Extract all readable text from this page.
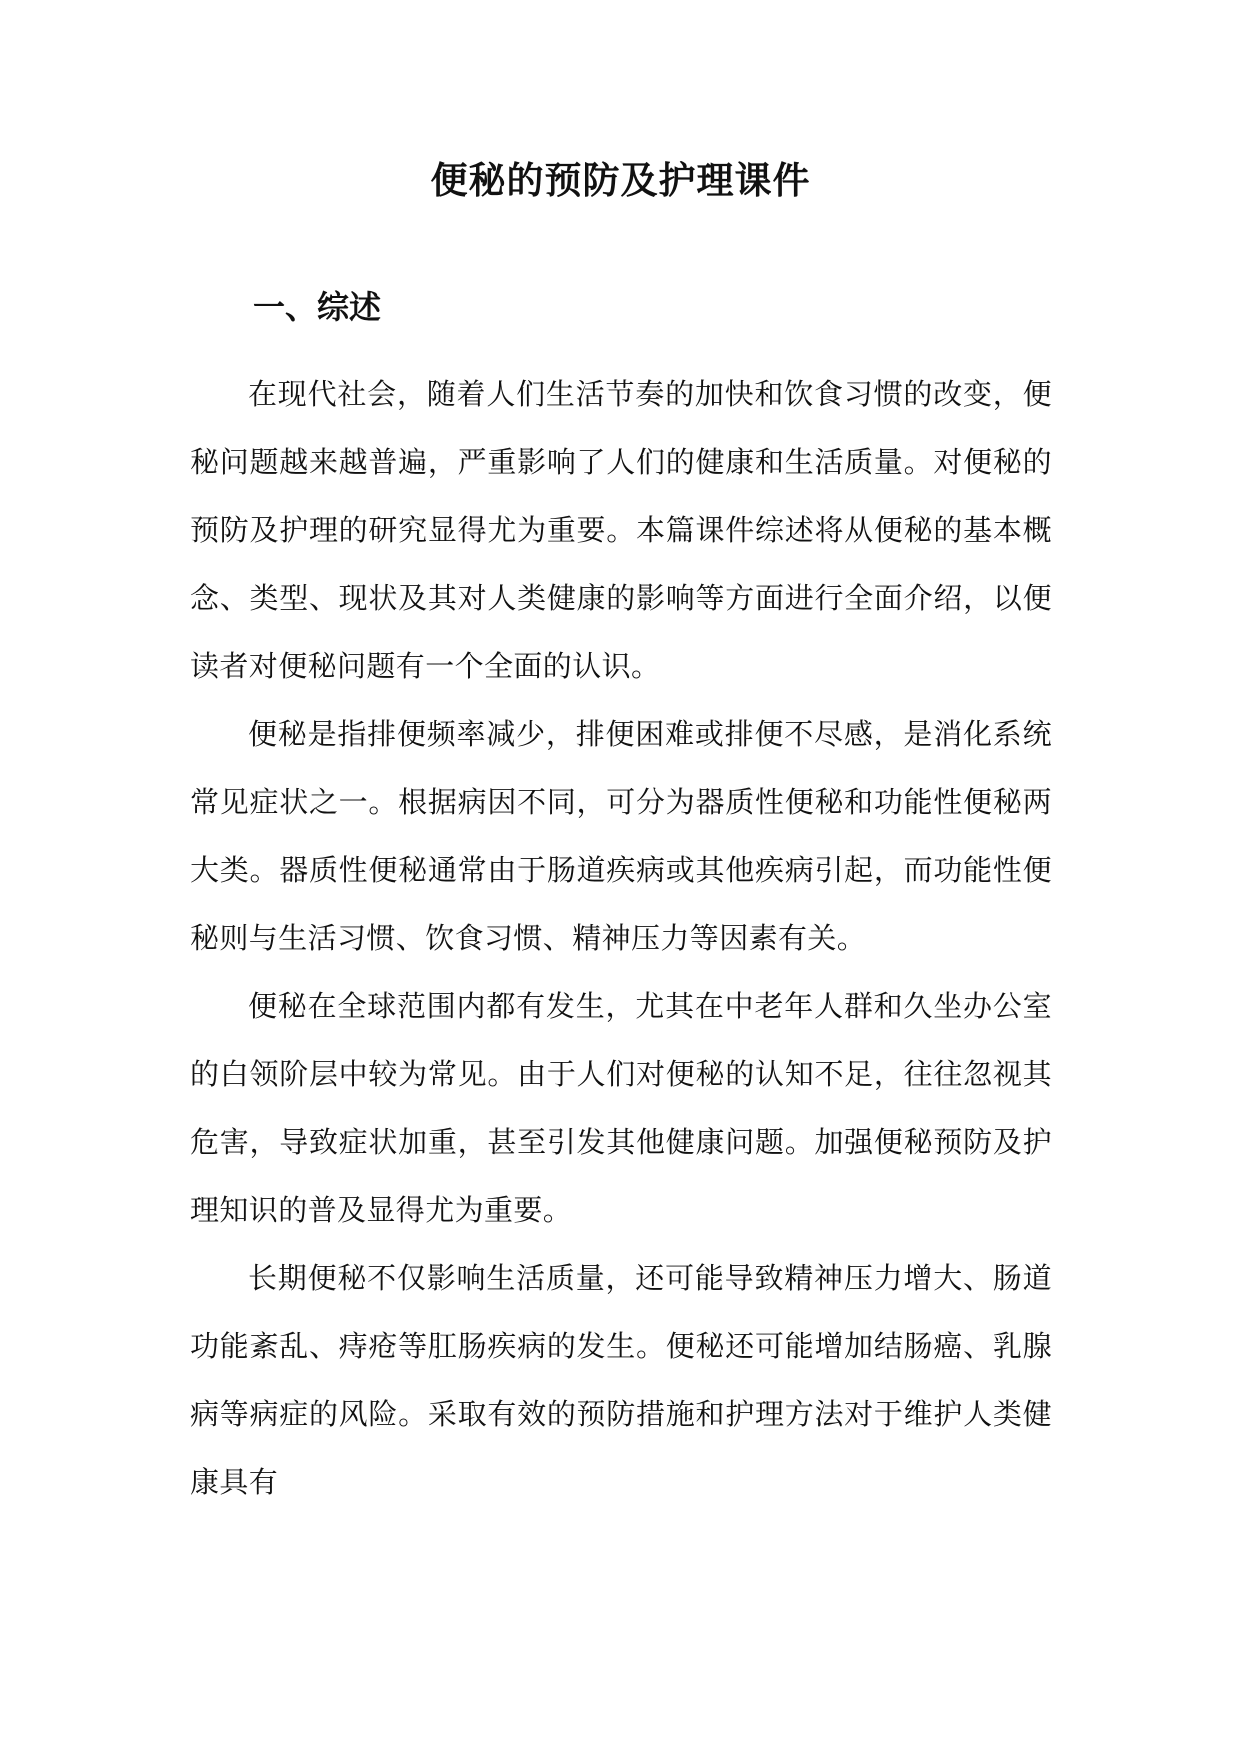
便秘的预防及护理课件
一、综述

在现代社会，随着人们生活节奏的加快和饮食习惯的改变，便秘问题越来越普遍，严重影响了人们的健康和生活质量。对便秘的预防及护理的研究显得尤为重要。本篇课件综述将从便秘的基本概念、类型、现状及其对人类健康的影响等方面进行全面介绍，以便读者对便秘问题有一个全面的认识。

便秘是指排便频率减少，排便困难或排便不尽感，是消化系统常见症状之一。根据病因不同，可分为器质性便秘和功能性便秘两大类。器质性便秘通常由于肠道疾病或其他疾病引起，而功能性便秘则与生活习惯、饮食习惯、精神压力等因素有关。

便秘在全球范围内都有发生，尤其在中老年人群和久坐办公室的白领阶层中较为常见。由于人们对便秘的认知不足，往往忽视其危害，导致症状加重，甚至引发其他健康问题。加强便秘预防及护理知识的普及显得尤为重要。

长期便秘不仅影响生活质量，还可能导致精神压力增大、肠道功能紊乱、痔疮等肛肠疾病的发生。便秘还可能增加结肠癌、乳腺病等病症的风险。采取有效的预防措施和护理方法对于维护人类健康具有
